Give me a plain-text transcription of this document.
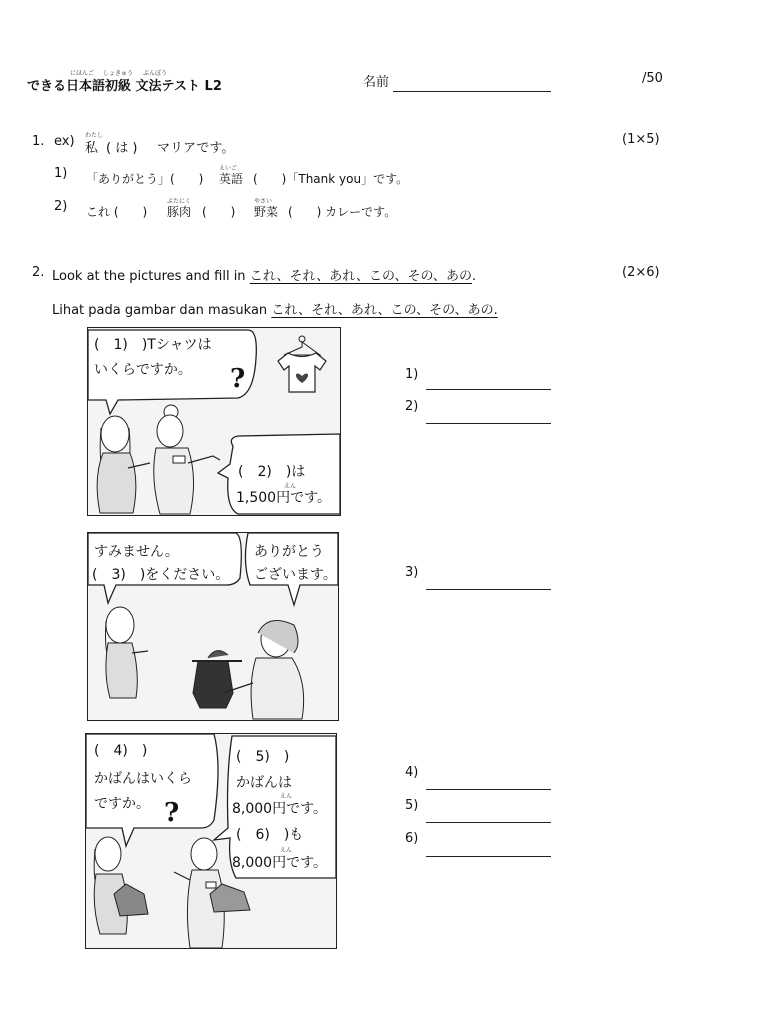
にほんご しょきゅう ぶんぽう
できる日本語初級 文法テスト L2	名前	/50
1. ex) わたし
私 ( は ) マリアです。
(1×5)
1) 「ありがとう」(　　)
えいご
英語 (　　)「Thank you」です。
2) これ (　　)
ぶたにく
豚肉 (　　)
やさい
野菜 (　　) カレーです。
2. Look at the pictures and fill in これ、それ、あれ、この、その、あの.	(2×6)
Lihat pada gambar dan masukan これ、それ、あれ、この、その、あの.
(　1)　)Tシャツは
いくらですか。 ?
(　2)　)は
えん
1,500円です。
すみません。
(　3)　)をください。
ありがとう
ございます。
(　4)　)
かばんはいくら
ですか。 ?
(　5)　)
かばんは
えん
8,000円です。
(　6)　)も
えん
8,000円です。
1)
2)
3)
4)
5)
6)
